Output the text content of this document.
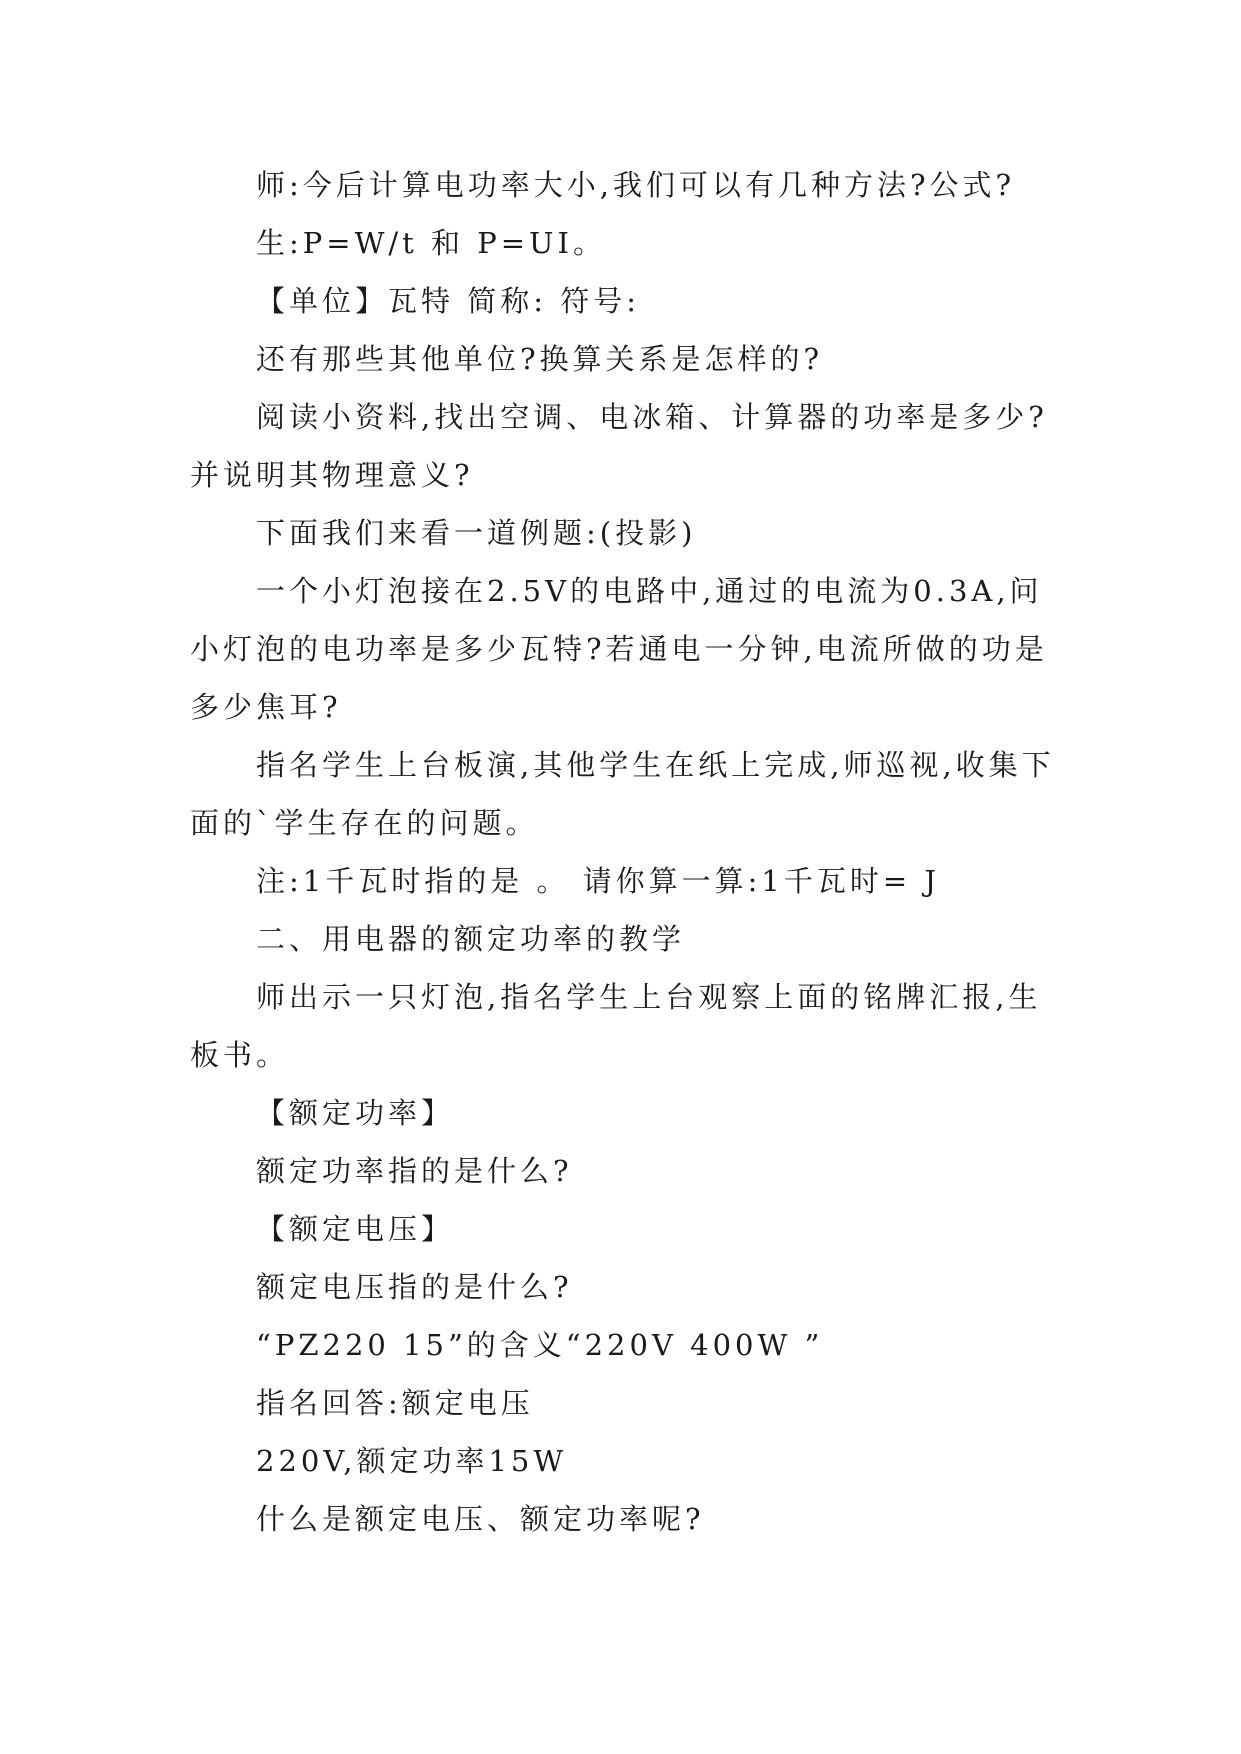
师:今后计算电功率大小,我们可以有几种方法?公式?

生:P=W/t 和 P=UI。

【单位】瓦特 简称: 符号:

还有那些其他单位?换算关系是怎样的?

阅读小资料,找出空调、电冰箱、计算器的功率是多少?并说明其物理意义?

下面我们来看一道例题:(投影)

一个小灯泡接在2.5V的电路中,通过的电流为0.3A,问小灯泡的电功率是多少瓦特?若通电一分钟,电流所做的功是多少焦耳?

指名学生上台板演,其他学生在纸上完成,师巡视,收集下面的`学生存在的问题。

注:1千瓦时指的是 。 请你算一算:1千瓦时= J

二、用电器的额定功率的教学

师出示一只灯泡,指名学生上台观察上面的铭牌汇报,生板书。

【额定功率】

额定功率指的是什么?

【额定电压】

额定电压指的是什么?

“PZ220 15”的含义“220V 400W ”

指名回答:额定电压

220V,额定功率15W

什么是额定电压、额定功率呢?
